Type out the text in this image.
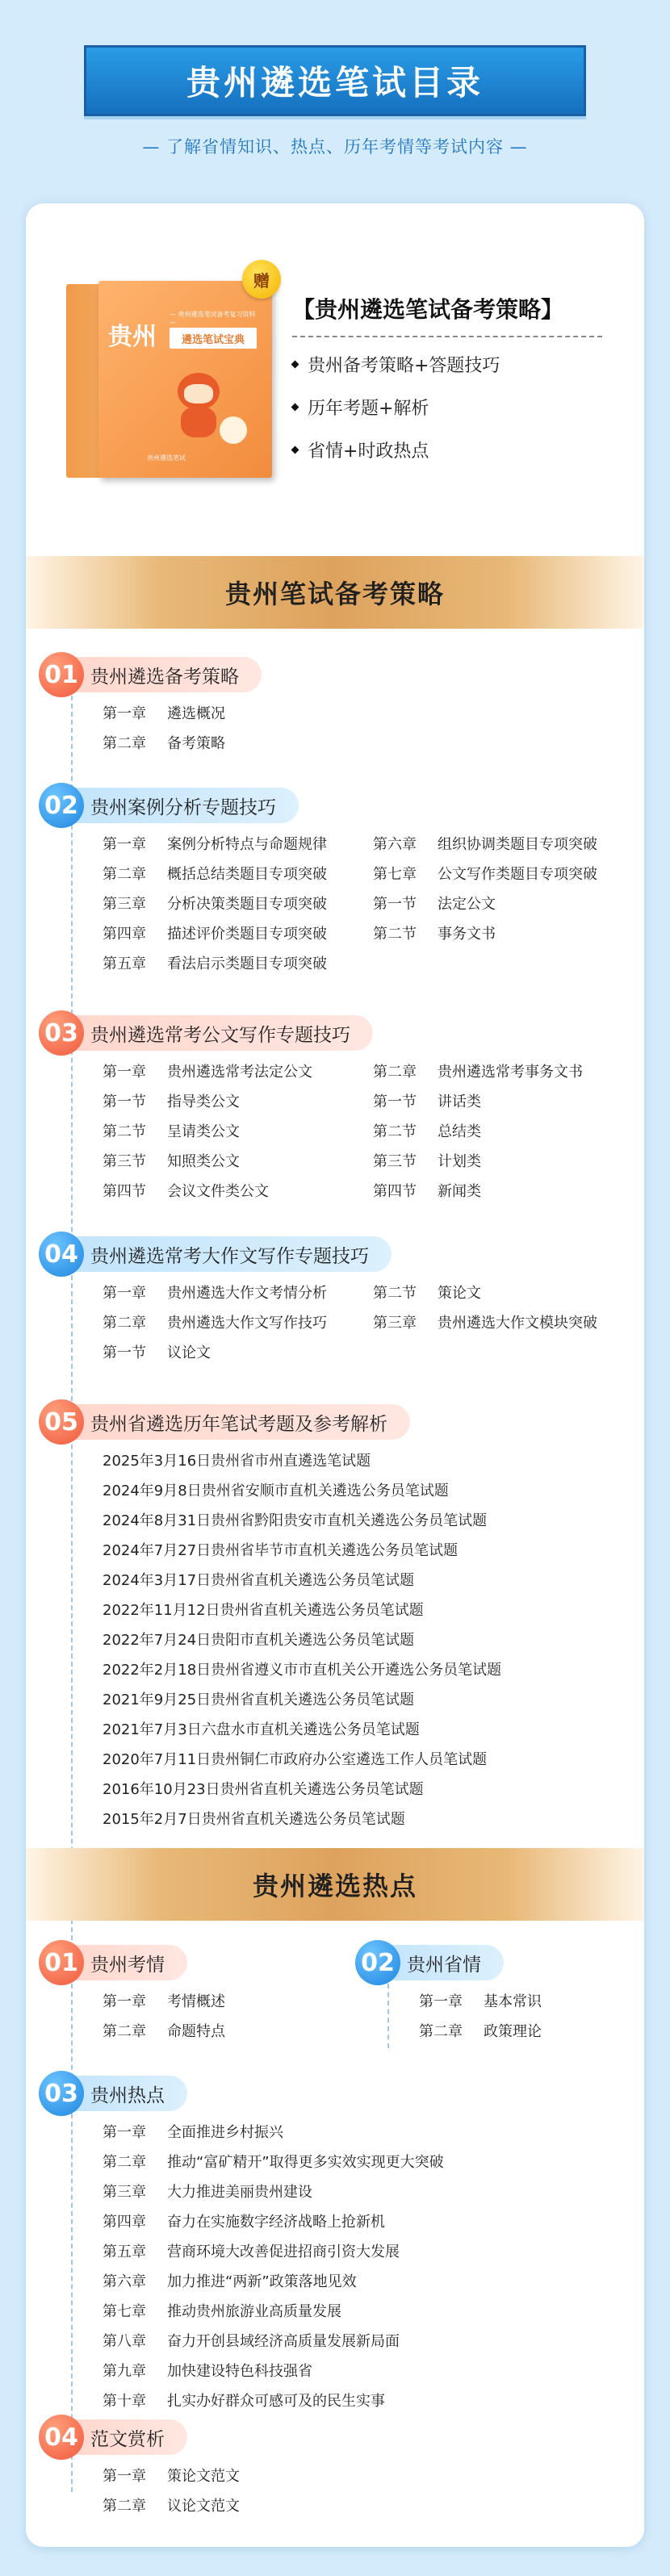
贵州遴选笔试目录
— 了解省情知识、热点、历年考情等考试内容 —
— 贵州遴选笔试备考复习资料 —
贵州	遴选笔试宝典
贵州遴选笔试
赠
【贵州遴选笔试备考策略】
贵州备考策略+答题技巧
历年考题+解析
省情+时政热点
贵州笔试备考策略
01 贵州遴选备考策略
第一章	遴选概况
第二章	备考策略
02 贵州案例分析专题技巧
第一章	案例分析特点与命题规律
第二章	概括总结类题目专项突破
第三章	分析决策类题目专项突破
第四章	描述评价类题目专项突破
第五章	看法启示类题目专项突破
第六章	组织协调类题目专项突破
第七章	公文写作类题目专项突破
第一节	法定公文
第二节	事务文书
03 贵州遴选常考公文写作专题技巧
第一章	贵州遴选常考法定公文
第一节	指导类公文
第二节	呈请类公文
第三节	知照类公文
第四节	会议文件类公文
第二章	贵州遴选常考事务文书
第一节	讲话类
第二节	总结类
第三节	计划类
第四节	新闻类
04 贵州遴选常考大作文写作专题技巧
第一章	贵州遴选大作文考情分析
第二章	贵州遴选大作文写作技巧
第一节	议论文
第二节	策论文
第三章	贵州遴选大作文模块突破
05 贵州省遴选历年笔试考题及参考解析
2025年3月16日贵州省市州直遴选笔试题
2024年9月8日贵州省安顺市直机关遴选公务员笔试题
2024年8月31日贵州省黔阳贵安市直机关遴选公务员笔试题
2024年7月27日贵州省毕节市直机关遴选公务员笔试题
2024年3月17日贵州省直机关遴选公务员笔试题
2022年11月12日贵州省直机关遴选公务员笔试题
2022年7月24日贵阳市直机关遴选公务员笔试题
2022年2月18日贵州省遵义市市直机关公开遴选公务员笔试题
2021年9月25日贵州省直机关遴选公务员笔试题
2021年7月3日六盘水市直机关遴选公务员笔试题
2020年7月11日贵州铜仁市政府办公室遴选工作人员笔试题
2016年10月23日贵州省直机关遴选公务员笔试题
2015年2月7日贵州省直机关遴选公务员笔试题
贵州遴选热点
01 贵州考情
第一章	考情概述
第二章	命题特点
02 贵州省情
第一章	基本常识
第二章	政策理论
03 贵州热点
第一章	全面推进乡村振兴
第二章	推动“富矿精开”取得更多实效实现更大突破
第三章	大力推进美丽贵州建设
第四章	奋力在实施数字经济战略上抢新机
第五章	营商环境大改善促进招商引资大发展
第六章	加力推进“两新”政策落地见效
第七章	推动贵州旅游业高质量发展
第八章	奋力开创县域经济高质量发展新局面
第九章	加快建设特色科技强省
第十章	扎实办好群众可感可及的民生实事
04 范文赏析
第一章	策论文范文
第二章	议论文范文
